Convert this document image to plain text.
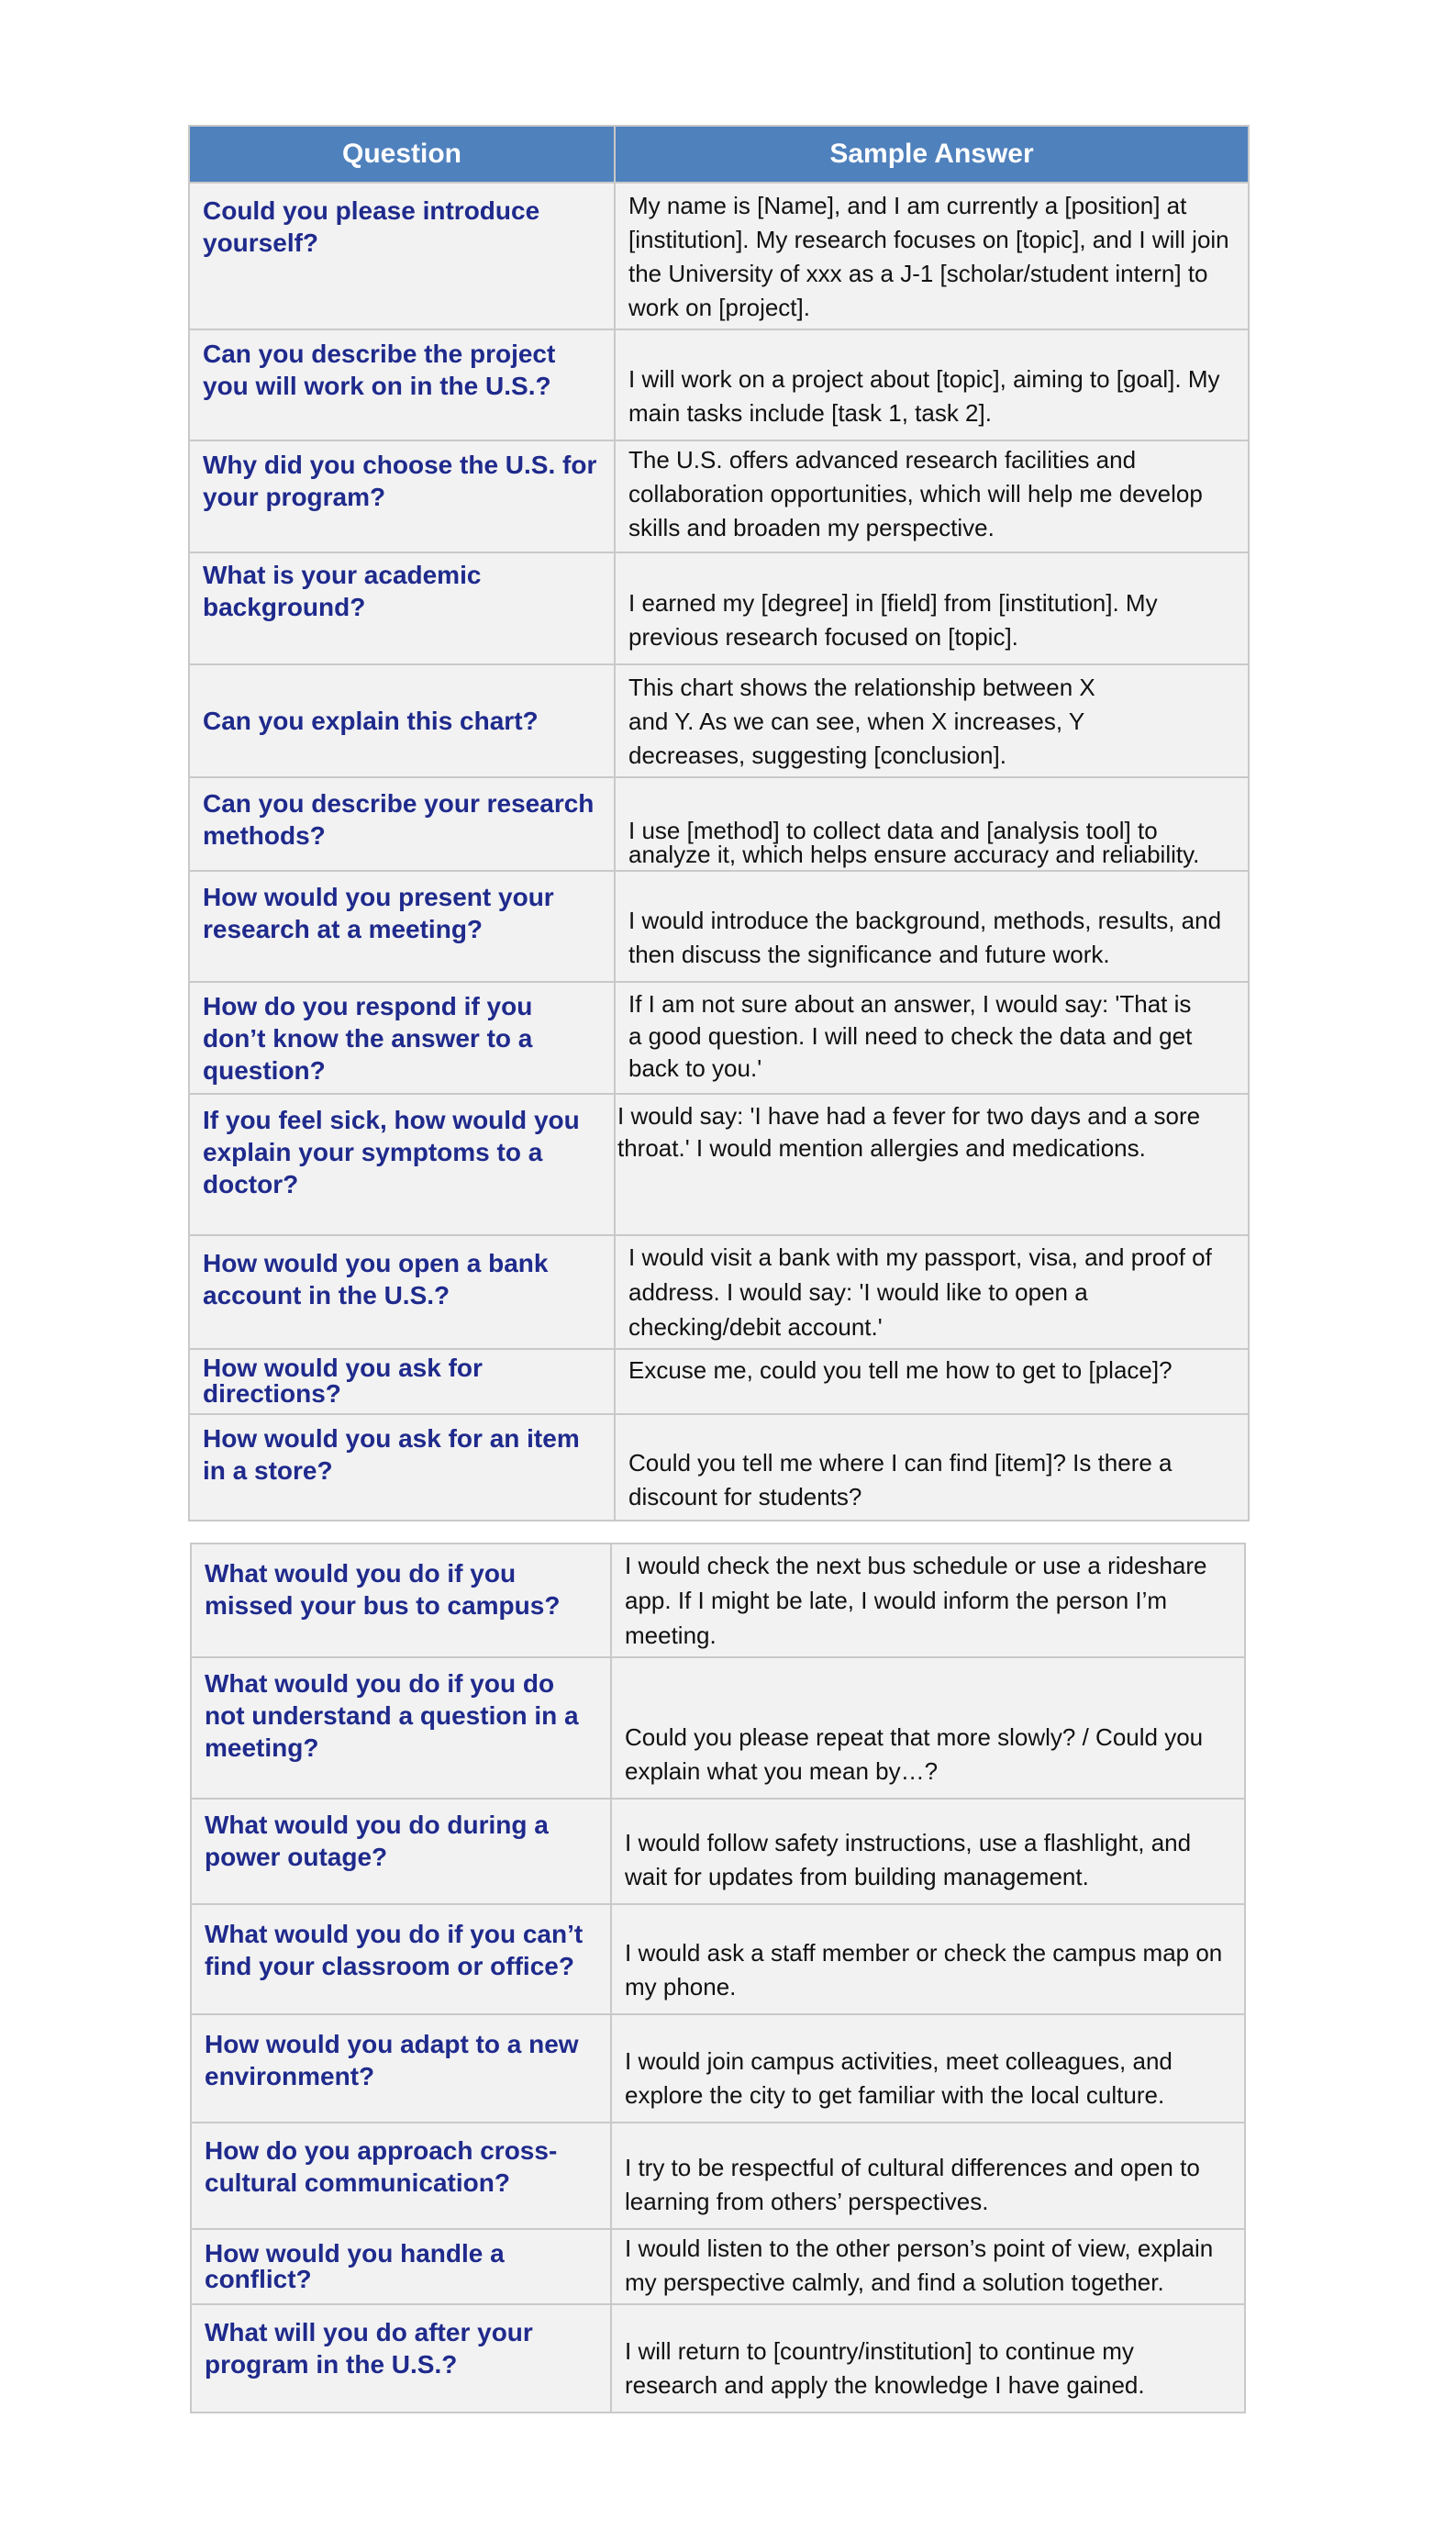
Question	Sample Answer
Could you please introduce yourself?	My name is [Name], and I am currently a [position] at [institution]. My research focuses on [topic], and I will join the University of xxx as a J-1 [scholar/student intern] to work on [project].
Can you describe the project you will work on in the U.S.?	I will work on a project about [topic], aiming to [goal]. My main tasks include [task 1, task 2].
Why did you choose the U.S. for your program?	The U.S. offers advanced research facilities and collaboration opportunities, which will help me develop skills and broaden my perspective.
What is your academic background?	I earned my [degree] in [field] from [institution]. My previous research focused on [topic].
Can you explain this chart?	This chart shows the relationship between X and Y. As we can see, when X increases, Y decreases, suggesting [conclusion].
Can you describe your research methods?	I use [method] to collect data and [analysis tool] to analyze it, which helps ensure accuracy and reliability.
How would you present your research at a meeting?	I would introduce the background, methods, results, and then discuss the significance and future work.
How do you respond if you don’t know the answer to a question?	If I am not sure about an answer, I would say: 'That is a good question. I will need to check the data and get back to you.'
If you feel sick, how would you explain your symptoms to a doctor?	I would say: 'I have had a fever for two days and a sore throat.' I would mention allergies and medications.
How would you open a bank account in the U.S.?	I would visit a bank with my passport, visa, and proof of address. I would say: 'I would like to open a checking/debit account.'
How would you ask for directions?	Excuse me, could you tell me how to get to [place]?
How would you ask for an item in a store?	Could you tell me where I can find [item]? Is there a discount for students?
What would you do if you missed your bus to campus?	I would check the next bus schedule or use a rideshare app. If I might be late, I would inform the person I’m meeting.
What would you do if you do not understand a question in a meeting?	Could you please repeat that more slowly? / Could you explain what you mean by…?
What would you do during a power outage?	I would follow safety instructions, use a flashlight, and wait for updates from building management.
What would you do if you can’t find your classroom or office?	I would ask a staff member or check the campus map on my phone.
How would you adapt to a new environment?	I would join campus activities, meet colleagues, and explore the city to get familiar with the local culture.
How do you approach cross-cultural communication?	I try to be respectful of cultural differences and open to learning from others’ perspectives.
How would you handle a conflict?	I would listen to the other person’s point of view, explain my perspective calmly, and find a solution together.
What will you do after your program in the U.S.?	I will return to [country/institution] to continue my research and apply the knowledge I have gained.
